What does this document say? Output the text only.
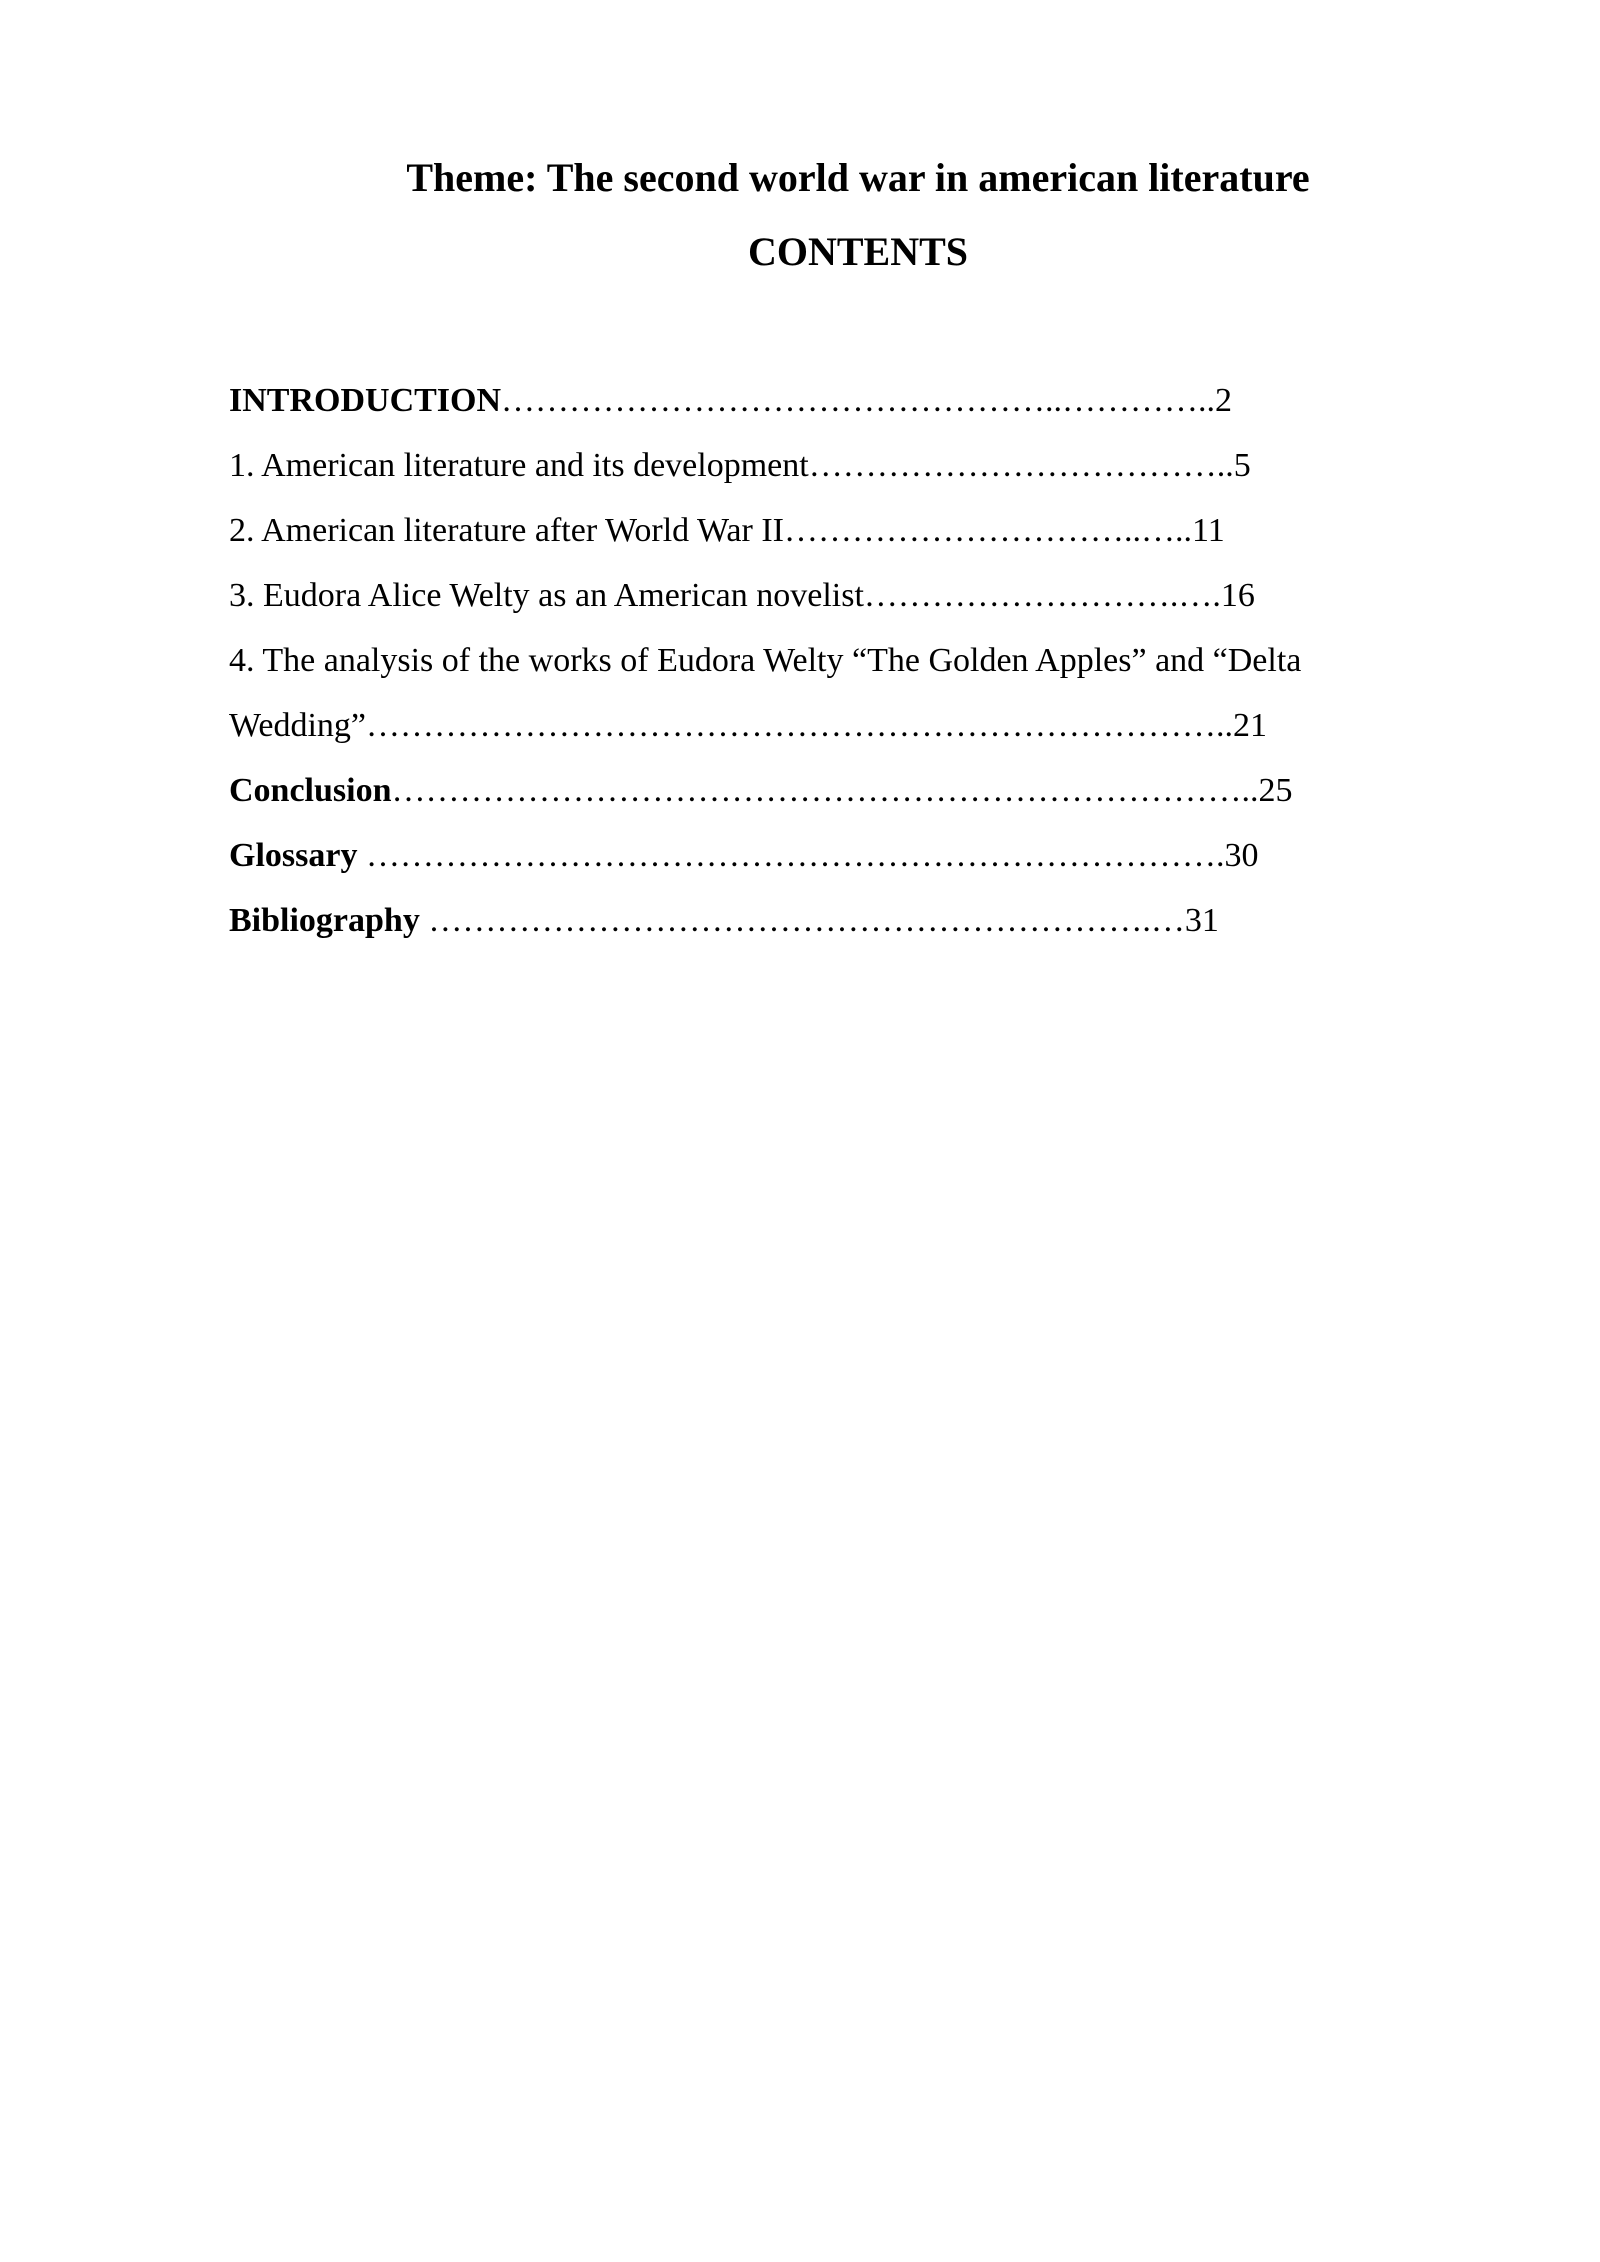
Theme: The second world war in american literature
CONTENTS
INTRODUCTION…………………………………………..…………..2
1. American literature and its development………………………………..5
2. American literature after World War II…………………………..…..11
3. Eudora Alice Welty as an American novelist……………………….….16
4. The analysis of the works of Eudora Welty “The Golden Apples” and “Delta
Wedding”…………………………………………………………………..21
Conclusion…………………………………………………………………..25
Glossary ………………………………………………………………….30
Bibliography ……………………………………………………….…31
